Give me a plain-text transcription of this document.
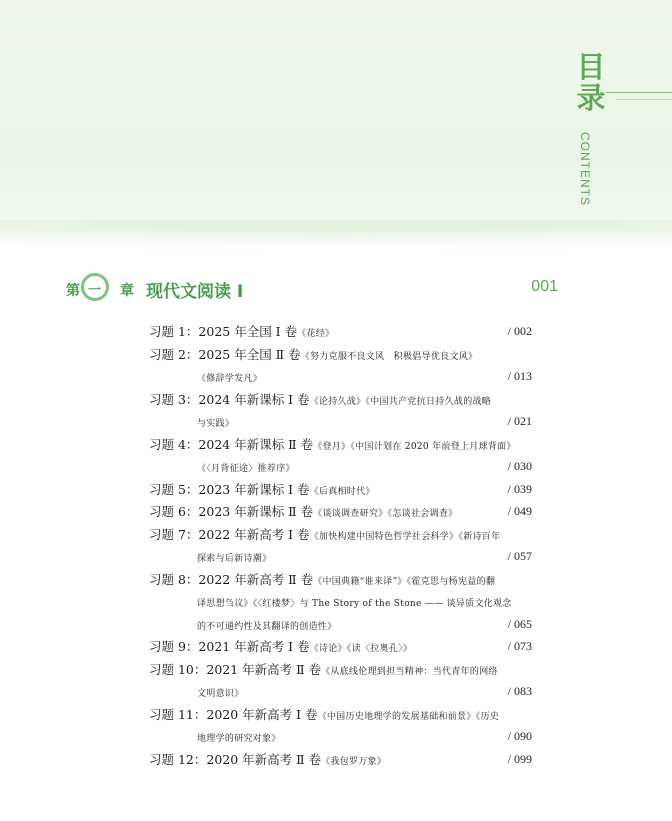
目
录
CONTENTS
第 一 章 现代文阅读 I	001
习题 1：2025 年全国 Ⅰ 卷《花经》	/ 002
习题 2：2025 年全国 Ⅱ 卷《努力克服不良文风　积极倡导优良文风》
《修辞学发凡》	/ 013
习题 3：2024 年新课标 Ⅰ 卷《论持久战》《中国共产党抗日持久战的战略
与实践》	/ 021
习题 4：2024 年新课标 Ⅱ 卷《登月》《中国计划在 2020 年前登上月球背面》
《〈月背征途〉推荐序》	/ 030
习题 5：2023 年新课标 Ⅰ 卷《后真相时代》	/ 039
习题 6：2023 年新课标 Ⅱ 卷《谈谈调查研究》《怎谈社会调查》	/ 049
习题 7：2022 年新高考 Ⅰ 卷《加快构建中国特色哲学社会科学》《新诗百年
探索与后新诗潮》	/ 057
习题 8：2022 年新高考 Ⅱ 卷《中国典籍“谁来译”》《霍克思与杨宪益的翻
译思想刍议》《〈红楼梦〉与 The Story of the Stone —— 谈异质文化观念
的不可通约性及其翻译的创造性》	/ 065
习题 9：2021 年新高考 Ⅰ 卷《诗论》《读〈拉奥孔〉》	/ 073
习题 10：2021 年新高考 Ⅱ 卷《从底线伦理到担当精神：当代青年的网络
文明意识》	/ 083
习题 11：2020 年新高考 Ⅰ 卷《中国历史地理学的发展基础和前景》《历史
地理学的研究对象》	/ 090
习题 12：2020 年新高考 Ⅱ 卷《我包罗万象》	/ 099
